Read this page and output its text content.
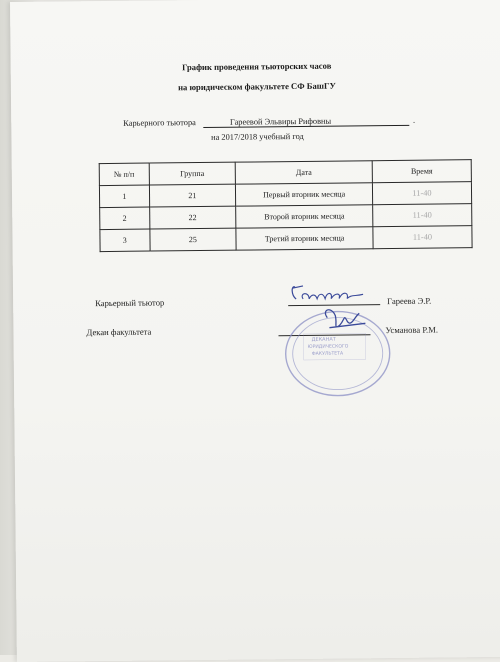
График проведения тьюторских часов
на юридическом факультете СФ БашГУ
Карьерного тьютора	Гареевой Эльвиры Рифовны	.
на 2017/2018 учебный год
№ п/п	Группа	Дата	Время
1	21	Первый вторник месяца	11-40
2	22	Второй вторник месяца	11-40
3	25	Третий вторник месяца	11-40
Карьерный тьютор	Гареева Э.Р.
Декан факультета	Усманова Р.М.
ДЕКАНАТ
ЮРИДИЧЕСКОГО
ФАКУЛЬТЕТА
